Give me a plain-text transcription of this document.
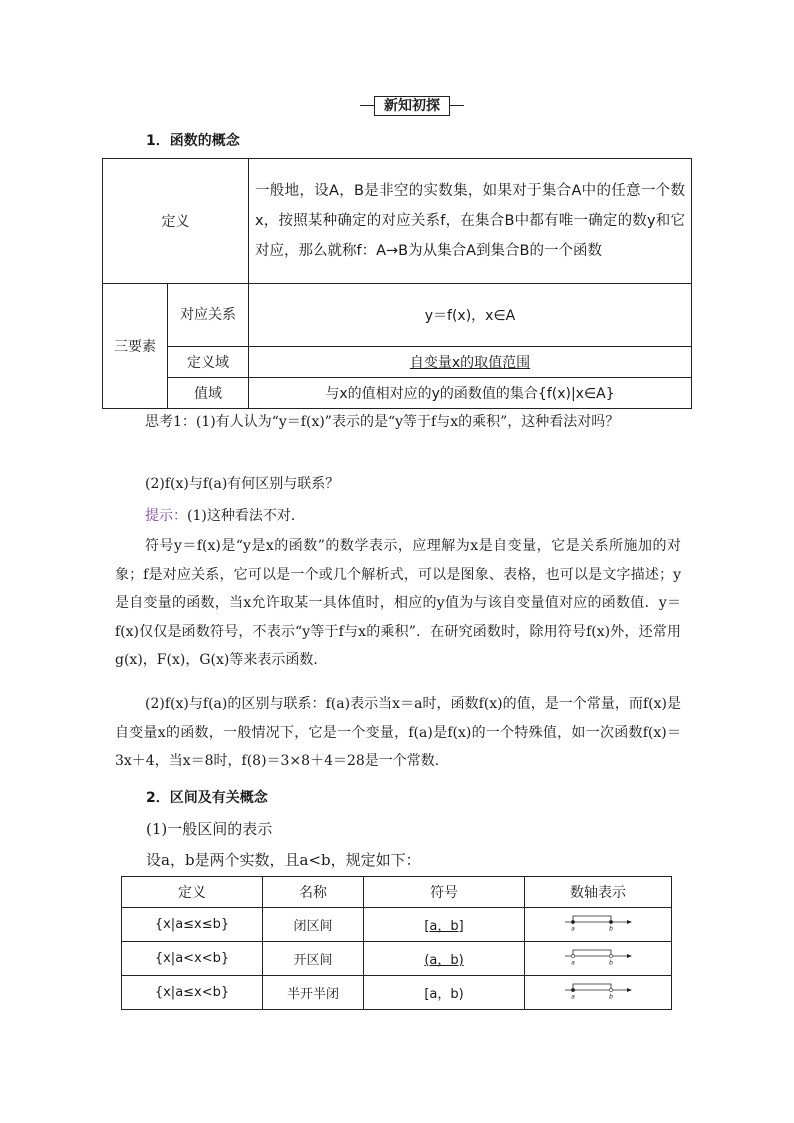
新知初探
1．函数的概念
定义		一般地，设A，B是非空的实数集，如果对于集合A中的任意一个数x，按照某种确定的对应关系f，在集合B中都有唯一确定的数y和它对应，那么就称f：A→B为从集合A到集合B的一个函数
三要素	对应关系	y＝f(x)，x∈A
	定义域	自变量x的取值范围
	值域	与x的值相对应的y的函数值的集合{f(x)|x∈A}
思考1：(1)有人认为“y＝f(x)”表示的是“y等于f与x的乘积”，这种看法对吗？
(2)f(x)与f(a)有何区别与联系？
提示：(1)这种看法不对．
符号y＝f(x)是“y是x的函数”的数学表示，应理解为x是自变量，它是关系所施加的对象；f是对应关系，它可以是一个或几个解析式，可以是图象、表格，也可以是文字描述；y是自变量的函数，当x允许取某一具体值时，相应的y值为与该自变量值对应的函数值．y＝f(x)仅仅是函数符号，不表示“y等于f与x的乘积”．在研究函数时，除用符号f(x)外，还常用g(x)，F(x)，G(x)等来表示函数．
(2)f(x)与f(a)的区别与联系：f(a)表示当x＝a时，函数f(x)的值，是一个常量，而f(x)是自变量x的函数，一般情况下，它是一个变量，f(a)是f(x)的一个特殊值，如一次函数f(x)＝3x＋4，当x＝8时，f(8)＝3×8＋4＝28是一个常数．
2．区间及有关概念
(1)一般区间的表示
设a，b是两个实数，且a<b，规定如下：
定义	名称	符号	数轴表示
{x|a≤x≤b}	闭区间	[a，b]	a b

{x|a<x<b}	开区间	(a，b)	a b

{x|a≤x<b}	半开半闭	[a，b)	a b
